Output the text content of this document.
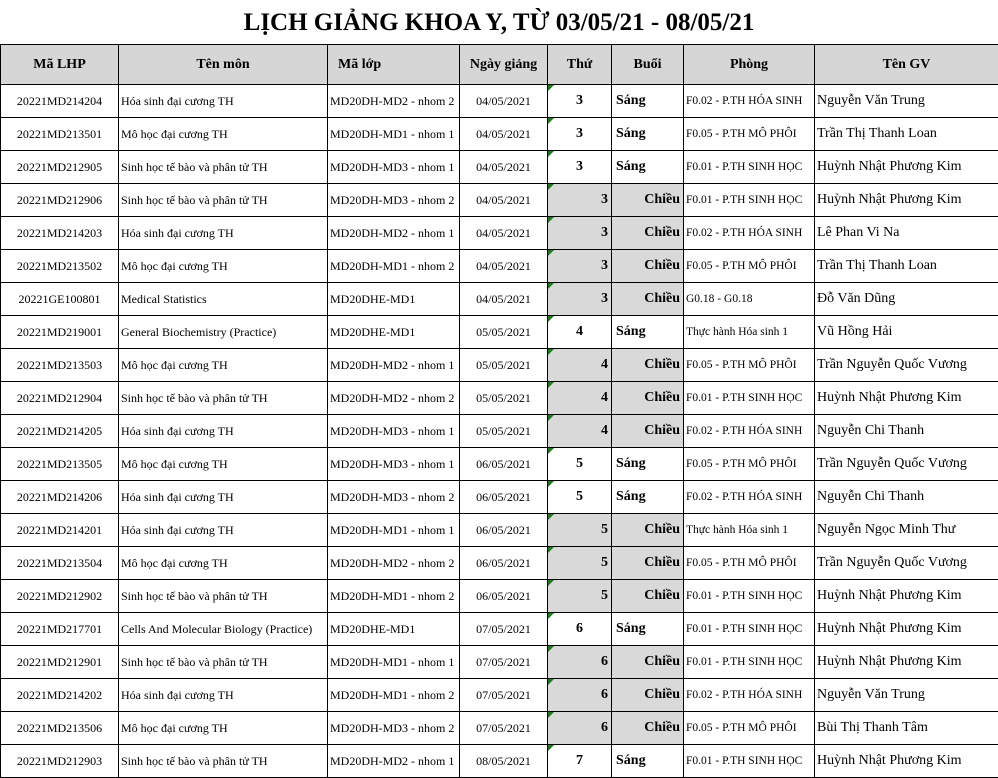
LỊCH GIẢNG KHOA Y, TỪ 03/05/21 - 08/05/21
Mã LHP	Tên môn	Mã lớp	Ngày giảng	Thứ	Buổi	Phòng	Tên GV
20221MD214204	Hóa sinh đại cương TH	MD20DH-MD2 - nhom 2	04/05/2021	3	Sáng	F0.02 - P.TH HÓA SINH	Nguyễn Văn Trung
20221MD213501	Mô học đại cương TH	MD20DH-MD1 - nhom 1	04/05/2021	3	Sáng	F0.05 - P.TH MÔ PHÔI	Trần Thị Thanh Loan
20221MD212905	Sinh học tế bào và phân tử TH	MD20DH-MD3 - nhom 1	04/05/2021	3	Sáng	F0.01 - P.TH SINH HỌC	Huỳnh Nhật Phương Kim
20221MD212906	Sinh học tế bào và phân tử TH	MD20DH-MD3 - nhom 2	04/05/2021	3	Chiều	F0.01 - P.TH SINH HỌC	Huỳnh Nhật Phương Kim
20221MD214203	Hóa sinh đại cương TH	MD20DH-MD2 - nhom 1	04/05/2021	3	Chiều	F0.02 - P.TH HÓA SINH	Lê Phan Vi Na
20221MD213502	Mô học đại cương TH	MD20DH-MD1 - nhom 2	04/05/2021	3	Chiều	F0.05 - P.TH MÔ PHÔI	Trần Thị Thanh Loan
20221GE100801	Medical Statistics	MD20DHE-MD1	04/05/2021	3	Chiều	G0.18 - G0.18	Đỗ Văn Dũng
20221MD219001	General Biochemistry (Practice)	MD20DHE-MD1	05/05/2021	4	Sáng	Thực hành Hóa sinh 1	Vũ Hồng Hải
20221MD213503	Mô học đại cương TH	MD20DH-MD2 - nhom 1	05/05/2021	4	Chiều	F0.05 - P.TH MÔ PHÔI	Trần Nguyễn Quốc Vương
20221MD212904	Sinh học tế bào và phân tử TH	MD20DH-MD2 - nhom 2	05/05/2021	4	Chiều	F0.01 - P.TH SINH HỌC	Huỳnh Nhật Phương Kim
20221MD214205	Hóa sinh đại cương TH	MD20DH-MD3 - nhom 1	05/05/2021	4	Chiều	F0.02 - P.TH HÓA SINH	Nguyễn Chi Thanh
20221MD213505	Mô học đại cương TH	MD20DH-MD3 - nhom 1	06/05/2021	5	Sáng	F0.05 - P.TH MÔ PHÔI	Trần Nguyễn Quốc Vương
20221MD214206	Hóa sinh đại cương TH	MD20DH-MD3 - nhom 2	06/05/2021	5	Sáng	F0.02 - P.TH HÓA SINH	Nguyễn Chi Thanh
20221MD214201	Hóa sinh đại cương TH	MD20DH-MD1 - nhom 1	06/05/2021	5	Chiều	Thực hành Hóa sinh 1	Nguyễn Ngọc Minh Thư
20221MD213504	Mô học đại cương TH	MD20DH-MD2 - nhom 2	06/05/2021	5	Chiều	F0.05 - P.TH MÔ PHÔI	Trần Nguyễn Quốc Vương
20221MD212902	Sinh học tế bào và phân tử TH	MD20DH-MD1 - nhom 2	06/05/2021	5	Chiều	F0.01 - P.TH SINH HỌC	Huỳnh Nhật Phương Kim
20221MD217701	Cells And Molecular Biology (Practice)	MD20DHE-MD1	07/05/2021	6	Sáng	F0.01 - P.TH SINH HỌC	Huỳnh Nhật Phương Kim
20221MD212901	Sinh học tế bào và phân tử TH	MD20DH-MD1 - nhom 1	07/05/2021	6	Chiều	F0.01 - P.TH SINH HỌC	Huỳnh Nhật Phương Kim
20221MD214202	Hóa sinh đại cương TH	MD20DH-MD1 - nhom 2	07/05/2021	6	Chiều	F0.02 - P.TH HÓA SINH	Nguyễn Văn Trung
20221MD213506	Mô học đại cương TH	MD20DH-MD3 - nhom 2	07/05/2021	6	Chiều	F0.05 - P.TH MÔ PHÔI	Bùi Thị Thanh Tâm
20221MD212903	Sinh học tế bào và phân tử TH	MD20DH-MD2 - nhom 1	08/05/2021	7	Sáng	F0.01 - P.TH SINH HỌC	Huỳnh Nhật Phương Kim
